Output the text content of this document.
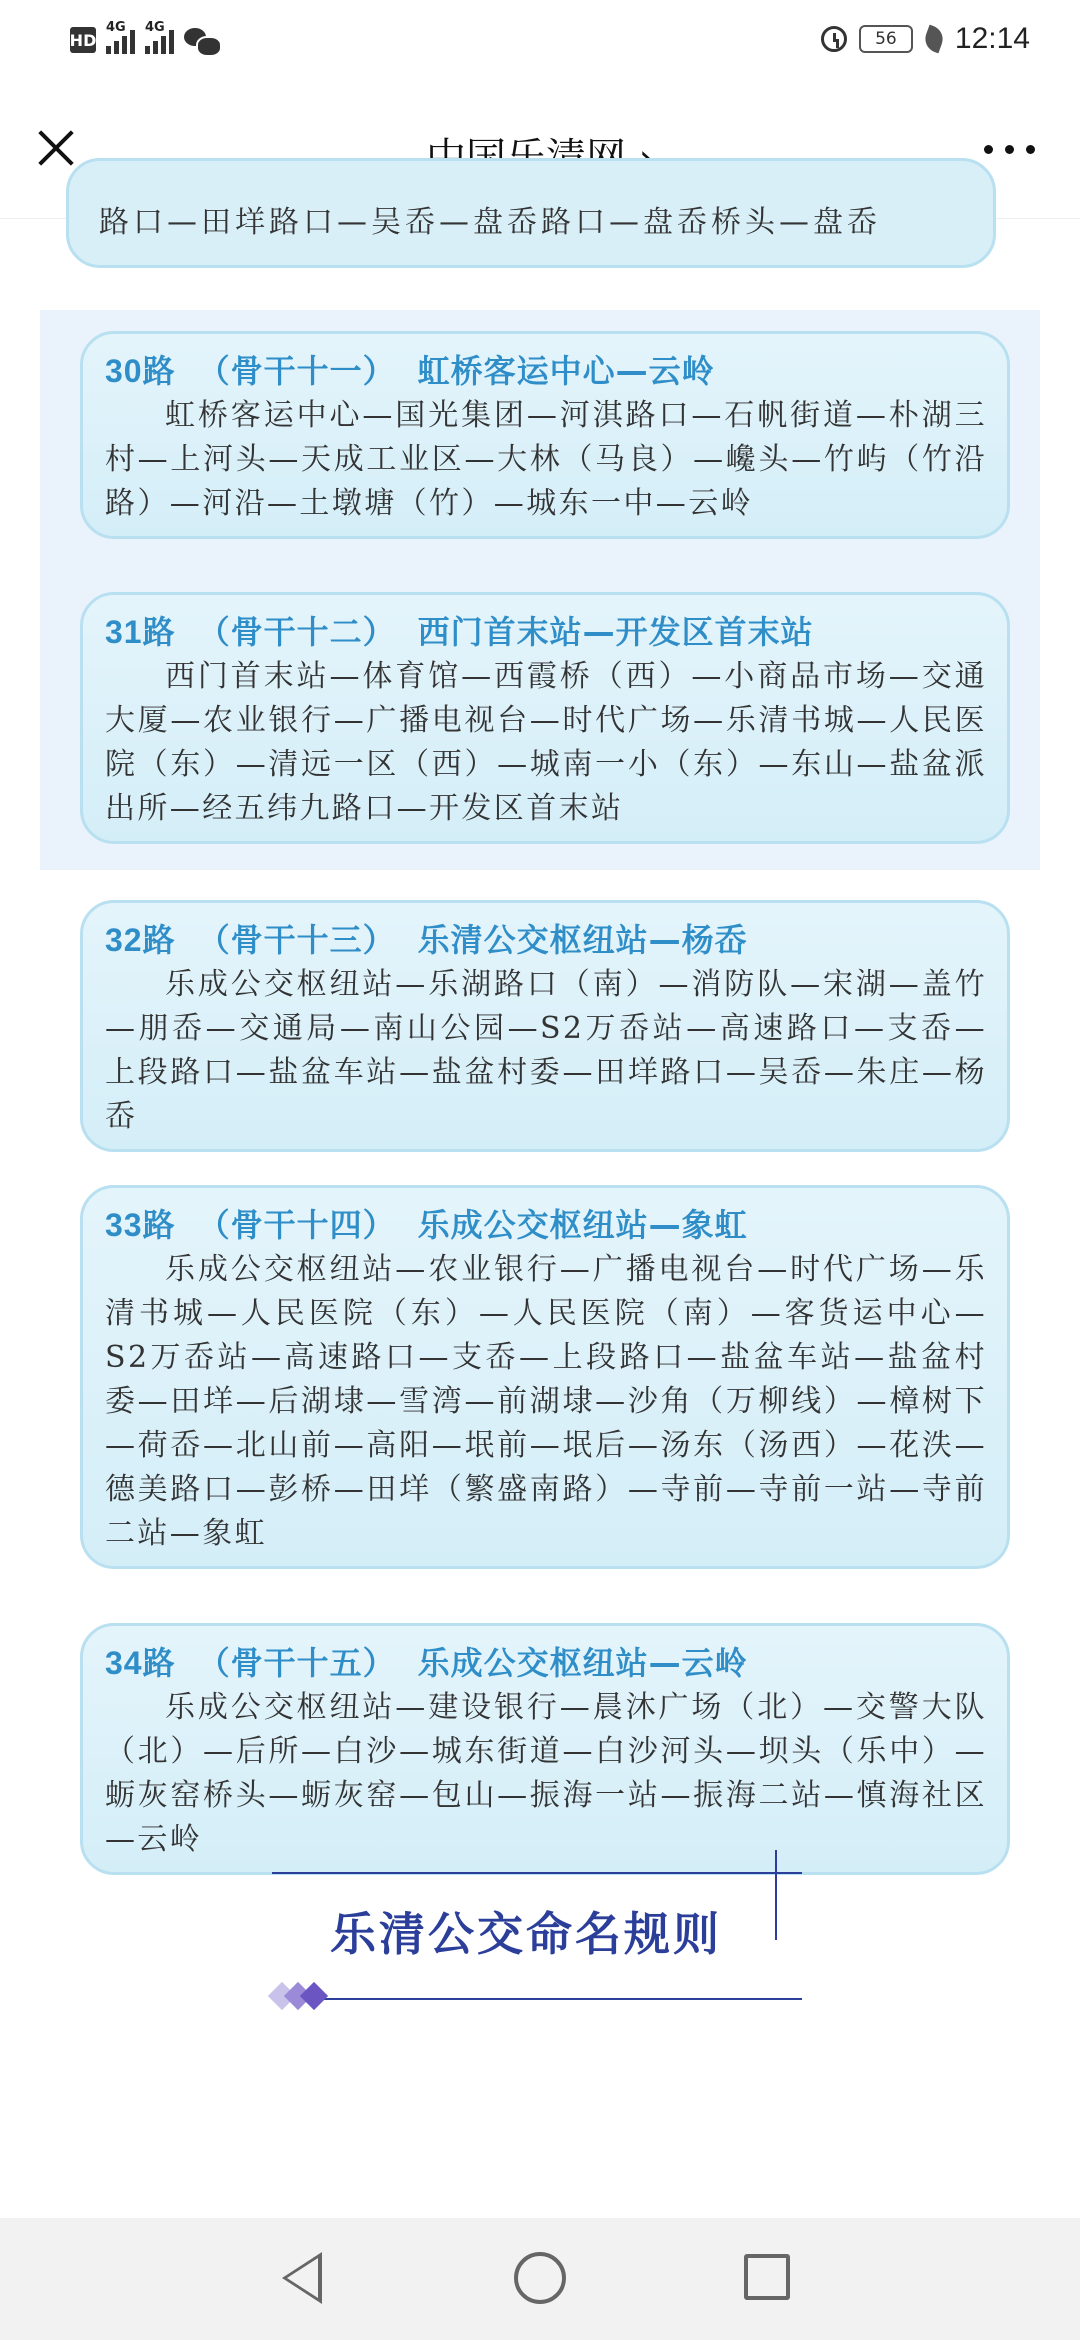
HD
4G 4G
56	12:14
路口—田垟路口—吴岙—盘岙路口—盘岙桥头—盘岙
30路 （骨干十一） 虹桥客运中心—云岭
虹桥客运中心—国光集团—河淇路口—石帆街道—朴湖三村—上河头—天成工业区—大林（马良）—巉头—竹屿（竹沿路）—河沿—土墩塘（竹）—城东一中—云岭
31路 （骨干十二） 西门首末站—开发区首末站
西门首末站—体育馆—西霞桥（西）—小商品市场—交通大厦—农业银行—广播电视台—时代广场—乐清书城—人民医院（东）—清远一区（西）—城南一小（东）—东山—盐盆派出所—经五纬九路口—开发区首末站
32路 （骨干十三） 乐清公交枢纽站—杨岙
乐成公交枢纽站—乐湖路口（南）—消防队—宋湖—盖竹—朋岙—交通局—南山公园—S2万岙站—高速路口—支岙—上段路口—盐盆车站—盐盆村委—田垟路口—吴岙—朱庄—杨岙
33路 （骨干十四） 乐成公交枢纽站—象虹
乐成公交枢纽站—农业银行—广播电视台—时代广场—乐清书城—人民医院（东）—人民医院（南）—客货运中心—S2万岙站—高速路口—支岙—上段路口—盐盆车站—盐盆村委—田垟—后湖埭—雪湾—前湖埭—沙角（万柳线）—樟树下—荷岙—北山前—高阳—垊前—垊后—汤东（汤西）—花泆—德美路口—彭桥—田垟（繁盛南路）—寺前—寺前一站—寺前二站—象虹
34路 （骨干十五） 乐成公交枢纽站—云岭
乐成公交枢纽站—建设银行—晨沐广场（北）—交警大队（北）—后所—白沙—城东街道—白沙河头—坝头（乐中）—蛎灰窑桥头—蛎灰窑—包山—振海一站—振海二站—慎海社区—云岭
乐清公交命名规则
